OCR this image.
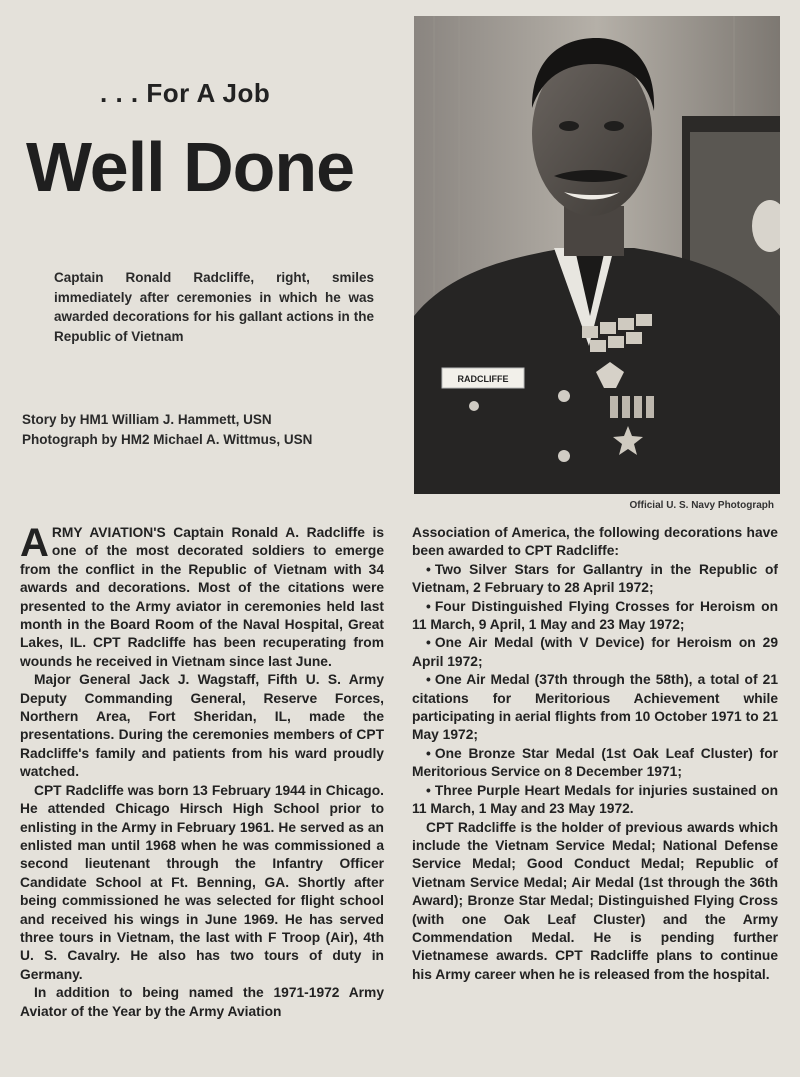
. . . For A Job
Well Done
Captain Ronald Radcliffe, right, smiles immediately after ceremonies in which he was awarded decorations for his gallant actions in the Republic of Vietnam
Story by HM1 William J. Hammett, USN
Photograph by HM2 Michael A. Wittmus, USN
RADCLIFFE
Official U. S. Navy Photograph

ARMY AVIATION'S Captain Ronald A. Radcliffe is one of the most decorated soldiers to emerge from the conflict in the Republic of Vietnam with 34 awards and decorations. Most of the citations were presented to the Army aviator in ceremonies held last month in the Board Room of the Naval Hospital, Great Lakes, IL. CPT Radcliffe has been recuperating from wounds he received in Vietnam since last June.

Major General Jack J. Wagstaff, Fifth U. S. Army Deputy Commanding General, Reserve Forces, Northern Area, Fort Sheridan, IL, made the presentations. During the ceremonies members of CPT Radcliffe's family and patients from his ward proudly watched.

CPT Radcliffe was born 13 February 1944 in Chicago. He attended Chicago Hirsch High School prior to enlisting in the Army in February 1961. He served as an enlisted man until 1968 when he was commissioned a second lieutenant through the Infantry Officer Candidate School at Ft. Benning, GA. Shortly after being commissioned he was selected for flight school and received his wings in June 1969. He has served three tours in Vietnam, the last with F Troop (Air), 4th U. S. Cavalry. He also has two tours of duty in Germany.

In addition to being named the 1971-1972 Army Aviator of the Year by the Army Aviation

Association of America, the following decorations have been awarded to CPT Radcliffe:

• Two Silver Stars for Gallantry in the Republic of Vietnam, 2 February to 28 April 1972;

• Four Distinguished Flying Crosses for Heroism on 11 March, 9 April, 1 May and 23 May 1972;

• One Air Medal (with V Device) for Heroism on 29 April 1972;

• One Air Medal (37th through the 58th), a total of 21 citations for Meritorious Achievement while participating in aerial flights from 10 October 1971 to 21 May 1972;

• One Bronze Star Medal (1st Oak Leaf Cluster) for Meritorious Service on 8 December 1971;

• Three Purple Heart Medals for injuries sustained on 11 March, 1 May and 23 May 1972.

CPT Radcliffe is the holder of previous awards which include the Vietnam Service Medal; National Defense Service Medal; Good Conduct Medal; Republic of Vietnam Service Medal; Air Medal (1st through the 36th Award); Bronze Star Medal; Distinguished Flying Cross (with one Oak Leaf Cluster) and the Army Commendation Medal. He is pending further Vietnamese awards. CPT Radcliffe plans to continue his Army career when he is released from the hospital.
